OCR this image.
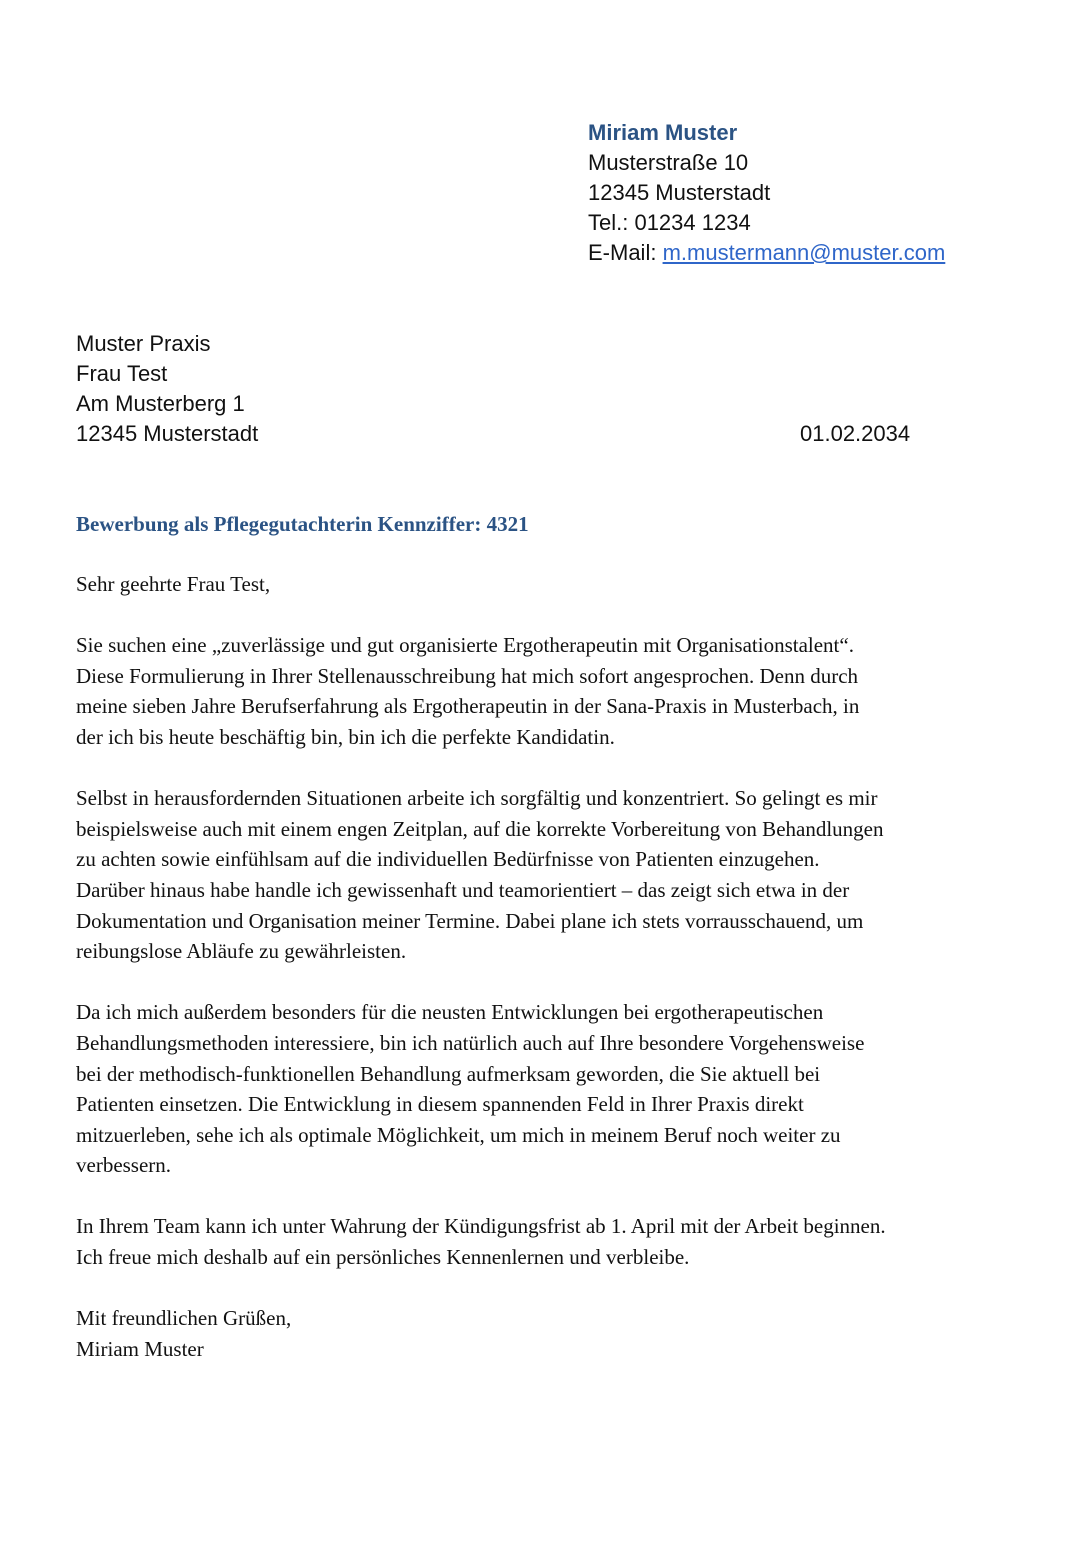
Miriam Muster
Musterstraße 10
12345 Musterstadt
Tel.: 01234 1234
E-Mail: m.mustermann@muster.com
Muster Praxis
Frau Test
Am Musterberg 1
12345 Musterstadt	01.02.2034
Bewerbung als Pflegegutachterin Kennziffer: 4321

Sehr geehrte Frau Test,

Sie suchen eine „zuverlässige und gut organisierte Ergotherapeutin mit Organisationstalent“.
Diese Formulierung in Ihrer Stellenausschreibung hat mich sofort angesprochen. Denn durch
meine sieben Jahre Berufserfahrung als Ergotherapeutin in der Sana-Praxis in Musterbach, in
der ich bis heute beschäftig bin, bin ich die perfekte Kandidatin.

Selbst in herausfordernden Situationen arbeite ich sorgfältig und konzentriert. So gelingt es mir
beispielsweise auch mit einem engen Zeitplan, auf die korrekte Vorbereitung von Behandlungen
zu achten sowie einfühlsam auf die individuellen Bedürfnisse von Patienten einzugehen.
Darüber hinaus habe handle ich gewissenhaft und teamorientiert – das zeigt sich etwa in der
Dokumentation und Organisation meiner Termine. Dabei plane ich stets vorrausschauend, um
reibungslose Abläufe zu gewährleisten.

Da ich mich außerdem besonders für die neusten Entwicklungen bei ergotherapeutischen
Behandlungsmethoden interessiere, bin ich natürlich auch auf Ihre besondere Vorgehensweise
bei der methodisch-funktionellen Behandlung aufmerksam geworden, die Sie aktuell bei
Patienten einsetzen. Die Entwicklung in diesem spannenden Feld in Ihrer Praxis direkt
mitzuerleben, sehe ich als optimale Möglichkeit, um mich in meinem Beruf noch weiter zu
verbessern.

In Ihrem Team kann ich unter Wahrung der Kündigungsfrist ab 1. April mit der Arbeit beginnen.
Ich freue mich deshalb auf ein persönliches Kennenlernen und verbleibe.

Mit freundlichen Grüßen,
Miriam Muster
